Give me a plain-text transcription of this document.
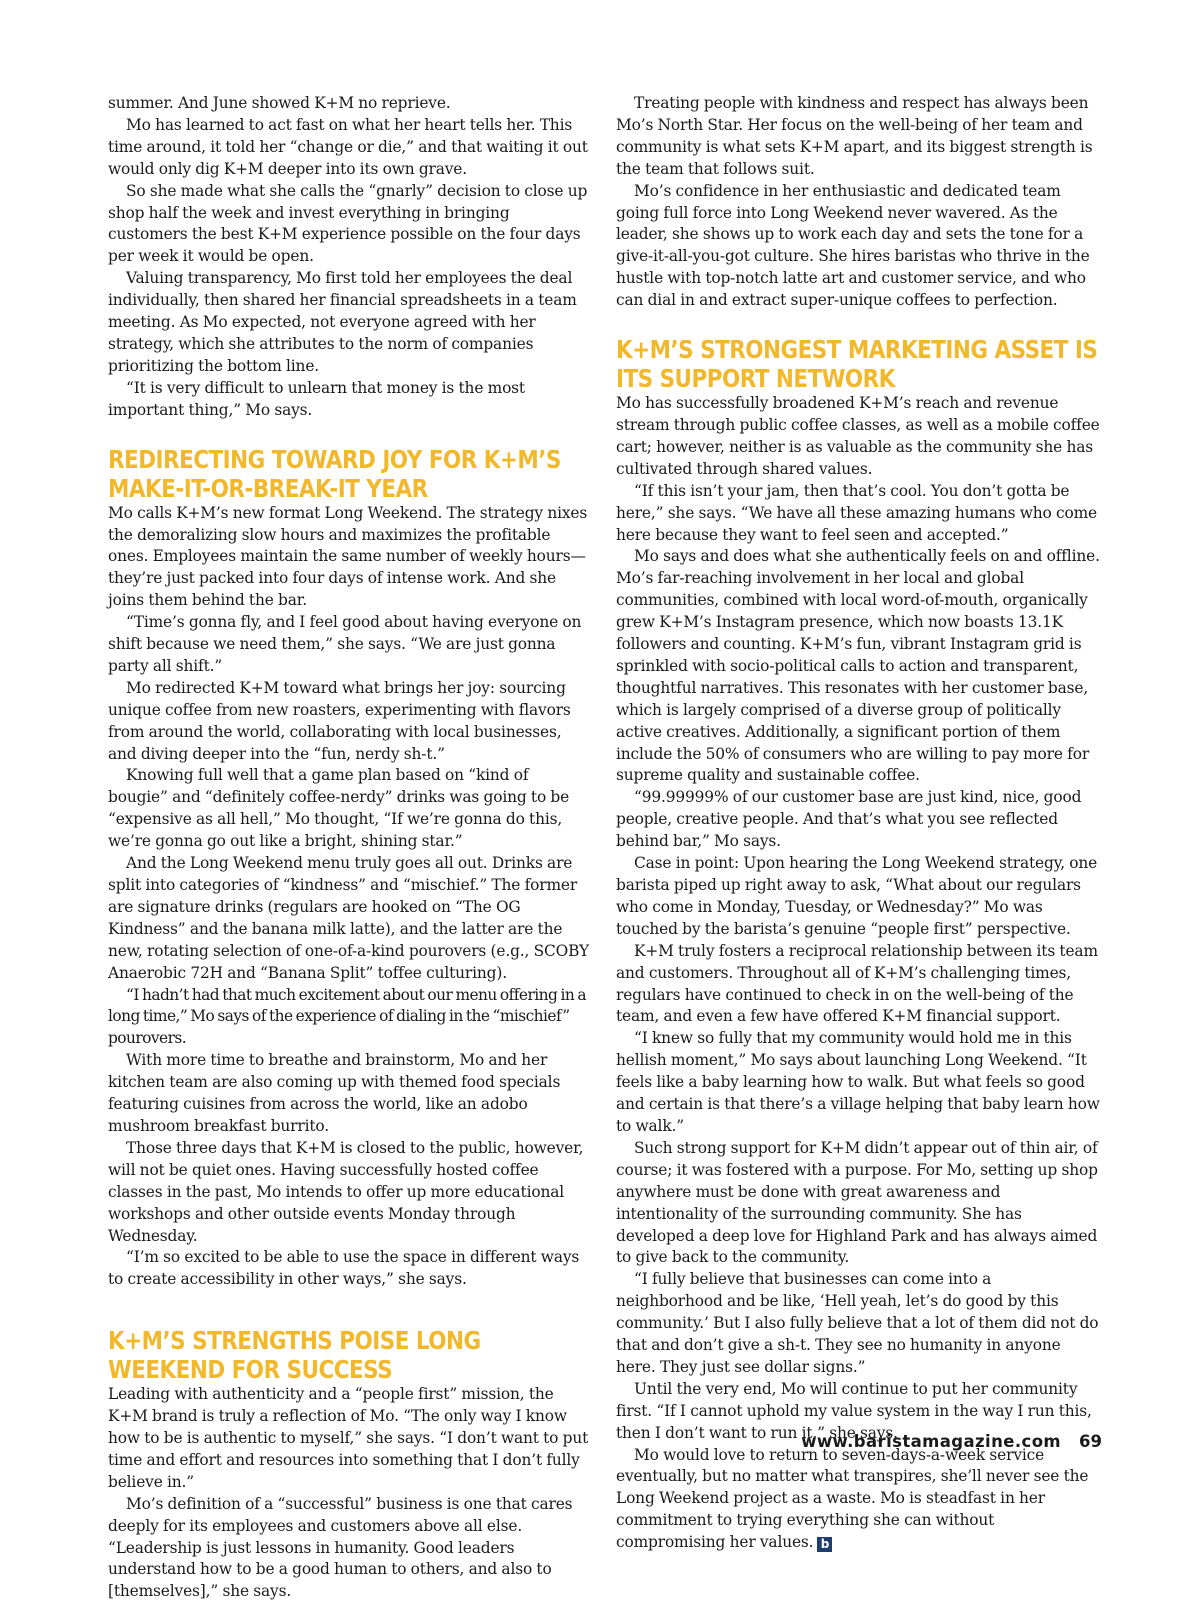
summer. And June showed K+M no reprieve.

Mo has learned to act fast on what her heart tells her. This time around, it told her “change or die,” and that waiting it out would only dig K+M deeper into its own grave.

So she made what she calls the “gnarly” decision to close up shop half the week and invest everything in bringing customers the best K+M experience possible on the four days per week it would be open.

Valuing transparency, Mo first told her employees the deal individually, then shared her financial spreadsheets in a team meeting. As Mo expected, not everyone agreed with her strategy, which she attributes to the norm of companies prioritizing the bottom line.

“It is very difficult to unlearn that money is the most important thing,” Mo says.

REDIRECTING TOWARD JOY FOR K+M’S MAKE-IT-OR-BREAK-IT YEAR

Mo calls K+M’s new format Long Weekend. The strategy nixes the demoralizing slow hours and maximizes the profitable ones. Employees maintain the same number of weekly hours—they’re just packed into four days of intense work. And she joins them behind the bar.

“Time’s gonna fly, and I feel good about having everyone on shift because we need them,” she says. “We are just gonna party all shift.”

Mo redirected K+M toward what brings her joy: sourcing unique coffee from new roasters, experimenting with flavors from around the world, collaborating with local businesses, and diving deeper into the “fun, nerdy sh-t.”

Knowing full well that a game plan based on “kind of bougie” and “definitely coffee-nerdy” drinks was going to be “expensive as all hell,” Mo thought, “If we’re gonna do this, we’re gonna go out like a bright, shining star.”

And the Long Weekend menu truly goes all out. Drinks are split into categories of “kindness” and “mischief.” The former are signature drinks (regulars are hooked on “The OG Kindness” and the banana milk latte), and the latter are the new, rotating selection of one-of-a-kind pourovers (e.g., SCOBY Anaerobic 72H and “Banana Split” toffee culturing).

“I hadn’t had that much excitement about our menu offering in a long time,” Mo says of the experience of dialing in the “mischief” pourovers.

With more time to breathe and brainstorm, Mo and her kitchen team are also coming up with themed food specials featuring cuisines from across the world, like an adobo mushroom breakfast burrito.

Those three days that K+M is closed to the public, however, will not be quiet ones. Having successfully hosted coffee classes in the past, Mo intends to offer up more educational workshops and other outside events Monday through Wednesday.

“I’m so excited to be able to use the space in different ways to create accessibility in other ways,” she says.

K+M’S STRENGTHS POISE LONG WEEKEND FOR SUCCESS

Leading with authenticity and a “people first” mission, the K+M brand is truly a reflection of Mo. “The only way I know how to be is authentic to myself,” she says. “I don’t want to put time and effort and resources into something that I don’t fully believe in.”

Mo’s definition of a “successful” business is one that cares deeply for its employees and customers above all else. “Leadership is just lessons in humanity. Good leaders understand how to be a good human to others, and also to [themselves],” she says.

Treating people with kindness and respect has always been Mo’s North Star. Her focus on the well-being of her team and community is what sets K+M apart, and its biggest strength is the team that follows suit.

Mo’s confidence in her enthusiastic and dedicated team going full force into Long Weekend never wavered. As the leader, she shows up to work each day and sets the tone for a give-it-all-you-got culture. She hires baristas who thrive in the hustle with top-notch latte art and customer service, and who can dial in and extract super-unique coffees to perfection.

K+M’S STRONGEST MARKETING ASSET IS ITS SUPPORT NETWORK

Mo has successfully broadened K+M’s reach and revenue stream through public coffee classes, as well as a mobile coffee cart; however, neither is as valuable as the community she has cultivated through shared values.

“If this isn’t your jam, then that’s cool. You don’t gotta be here,” she says. “We have all these amazing humans who come here because they want to feel seen and accepted.”

Mo says and does what she authentically feels on and offline. Mo’s far-reaching involvement in her local and global communities, combined with local word-of-mouth, organically grew K+M’s Instagram presence, which now boasts 13.1K followers and counting. K+M’s fun, vibrant Instagram grid is sprinkled with socio-political calls to action and transparent, thoughtful narratives. This resonates with her customer base, which is largely comprised of a diverse group of politically active creatives. Additionally, a significant portion of them include the 50% of consumers who are willing to pay more for supreme quality and sustainable coffee.

“99.99999% of our customer base are just kind, nice, good people, creative people. And that’s what you see reflected behind bar,” Mo says.

Case in point: Upon hearing the Long Weekend strategy, one barista piped up right away to ask, “What about our regulars who come in Monday, Tuesday, or Wednesday?” Mo was touched by the barista’s genuine “people first” perspective.

K+M truly fosters a reciprocal relationship between its team and customers. Throughout all of K+M’s challenging times, regulars have continued to check in on the well-being of the team, and even a few have offered K+M financial support.

“I knew so fully that my community would hold me in this hellish moment,” Mo says about launching Long Weekend. “It feels like a baby learning how to walk. But what feels so good and certain is that there’s a village helping that baby learn how to walk.”

Such strong support for K+M didn’t appear out of thin air, of course; it was fostered with a purpose. For Mo, setting up shop anywhere must be done with great awareness and intentionality of the surrounding community. She has developed a deep love for Highland Park and has always aimed to give back to the community.

“I fully believe that businesses can come into a neighborhood and be like, ‘Hell yeah, let’s do good by this community.’ But I also fully believe that a lot of them did not do that and don’t give a sh-t. They see no humanity in anyone here. They just see dollar signs.”

Until the very end, Mo will continue to put her community first. “If I cannot uphold my value system in the way I run this, then I don’t want to run it,” she says.

Mo would love to return to seven-days-a-week service eventually, but no matter what transpires, she’ll never see the Long Weekend project as a waste. Mo is steadfast in her commitment to trying everything she can without compromising her values. b

www.baristamagazine.com 69
